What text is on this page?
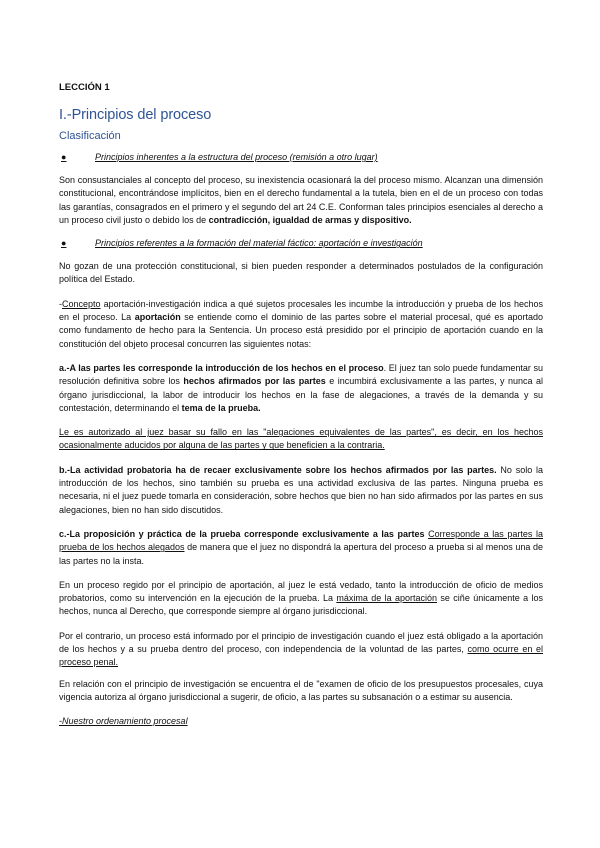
LECCIÓN 1
I.-Principios del proceso
Clasificación
●	Principios inherentes a la estructura del proceso (remisión a otro lugar)

Son consustanciales al concepto del proceso, su inexistencia ocasionará la del proceso mismo. Alcanzan una dimensión constitucional, encontrándose implícitos, bien en el derecho fundamental a la tutela, bien en el de un proceso con todas las garantías, consagrados en el primero y el segundo del art 24 C.E. Conforman tales principios esenciales al derecho a un proceso civil justo o debido los de contradicción, igualdad de armas y dispositivo.

●	Principios referentes a la formación del material fáctico: aportación e investigación

No gozan de una protección constitucional, si bien pueden responder a determinados postulados de la configuración política del Estado.

-Concepto aportación-investigación indica a qué sujetos procesales les incumbe la introducción y prueba de los hechos en el proceso. La aportación se entiende como el dominio de las partes sobre el material procesal, qué es aportado como fundamento de hecho para la Sentencia. Un proceso está presidido por el principio de aportación cuando en la constitución del objeto procesal concurren las siguientes notas:

a.-A las partes les corresponde la introducción de los hechos en el proceso. El juez tan solo puede fundamentar su resolución definitiva sobre los hechos afirmados por las partes e incumbirá exclusivamente a las partes, y nunca al órgano jurisdiccional, la labor de introducir los hechos en la fase de alegaciones, a través de la demanda y su contestación, determinando el tema de la prueba.

Le es autorizado al juez basar su fallo en las "alegaciones equivalentes de las partes", es decir, en los hechos ocasionalmente aducidos por alguna de las partes y que beneficien a la contraria.

b.-La actividad probatoria ha de recaer exclusivamente sobre los hechos afirmados por las partes. No solo la introducción de los hechos, sino también su prueba es una actividad exclusiva de las partes. Ninguna prueba es necesaria, ni el juez puede tomarla en consideración, sobre hechos que bien no han sido afirmados por las partes en sus alegaciones, bien no han sido discutidos.

c.-La proposición y práctica de la prueba corresponde exclusivamente a las partes Corresponde a las partes la prueba de los hechos alegados de manera que el juez no dispondrá la apertura del proceso a prueba si al menos una de las partes no la insta.

En un proceso regido por el principio de aportación, al juez le está vedado, tanto la introducción de oficio de medios probatorios, como su intervención en la ejecución de la prueba. La máxima de la aportación se ciñe únicamente a los hechos, nunca al Derecho, que corresponde siempre al órgano jurisdiccional.

Por el contrario, un proceso está informado por el principio de investigación cuando el juez está obligado a la aportación de los hechos y a su prueba dentro del proceso, con independencia de la voluntad de las partes, como ocurre en el proceso penal.

En relación con el principio de investigación se encuentra el de "examen de oficio de los presupuestos procesales, cuya vigencia autoriza al órgano jurisdiccional a sugerir, de oficio, a las partes su subsanación o a estimar su ausencia.

-Nuestro ordenamiento procesal
